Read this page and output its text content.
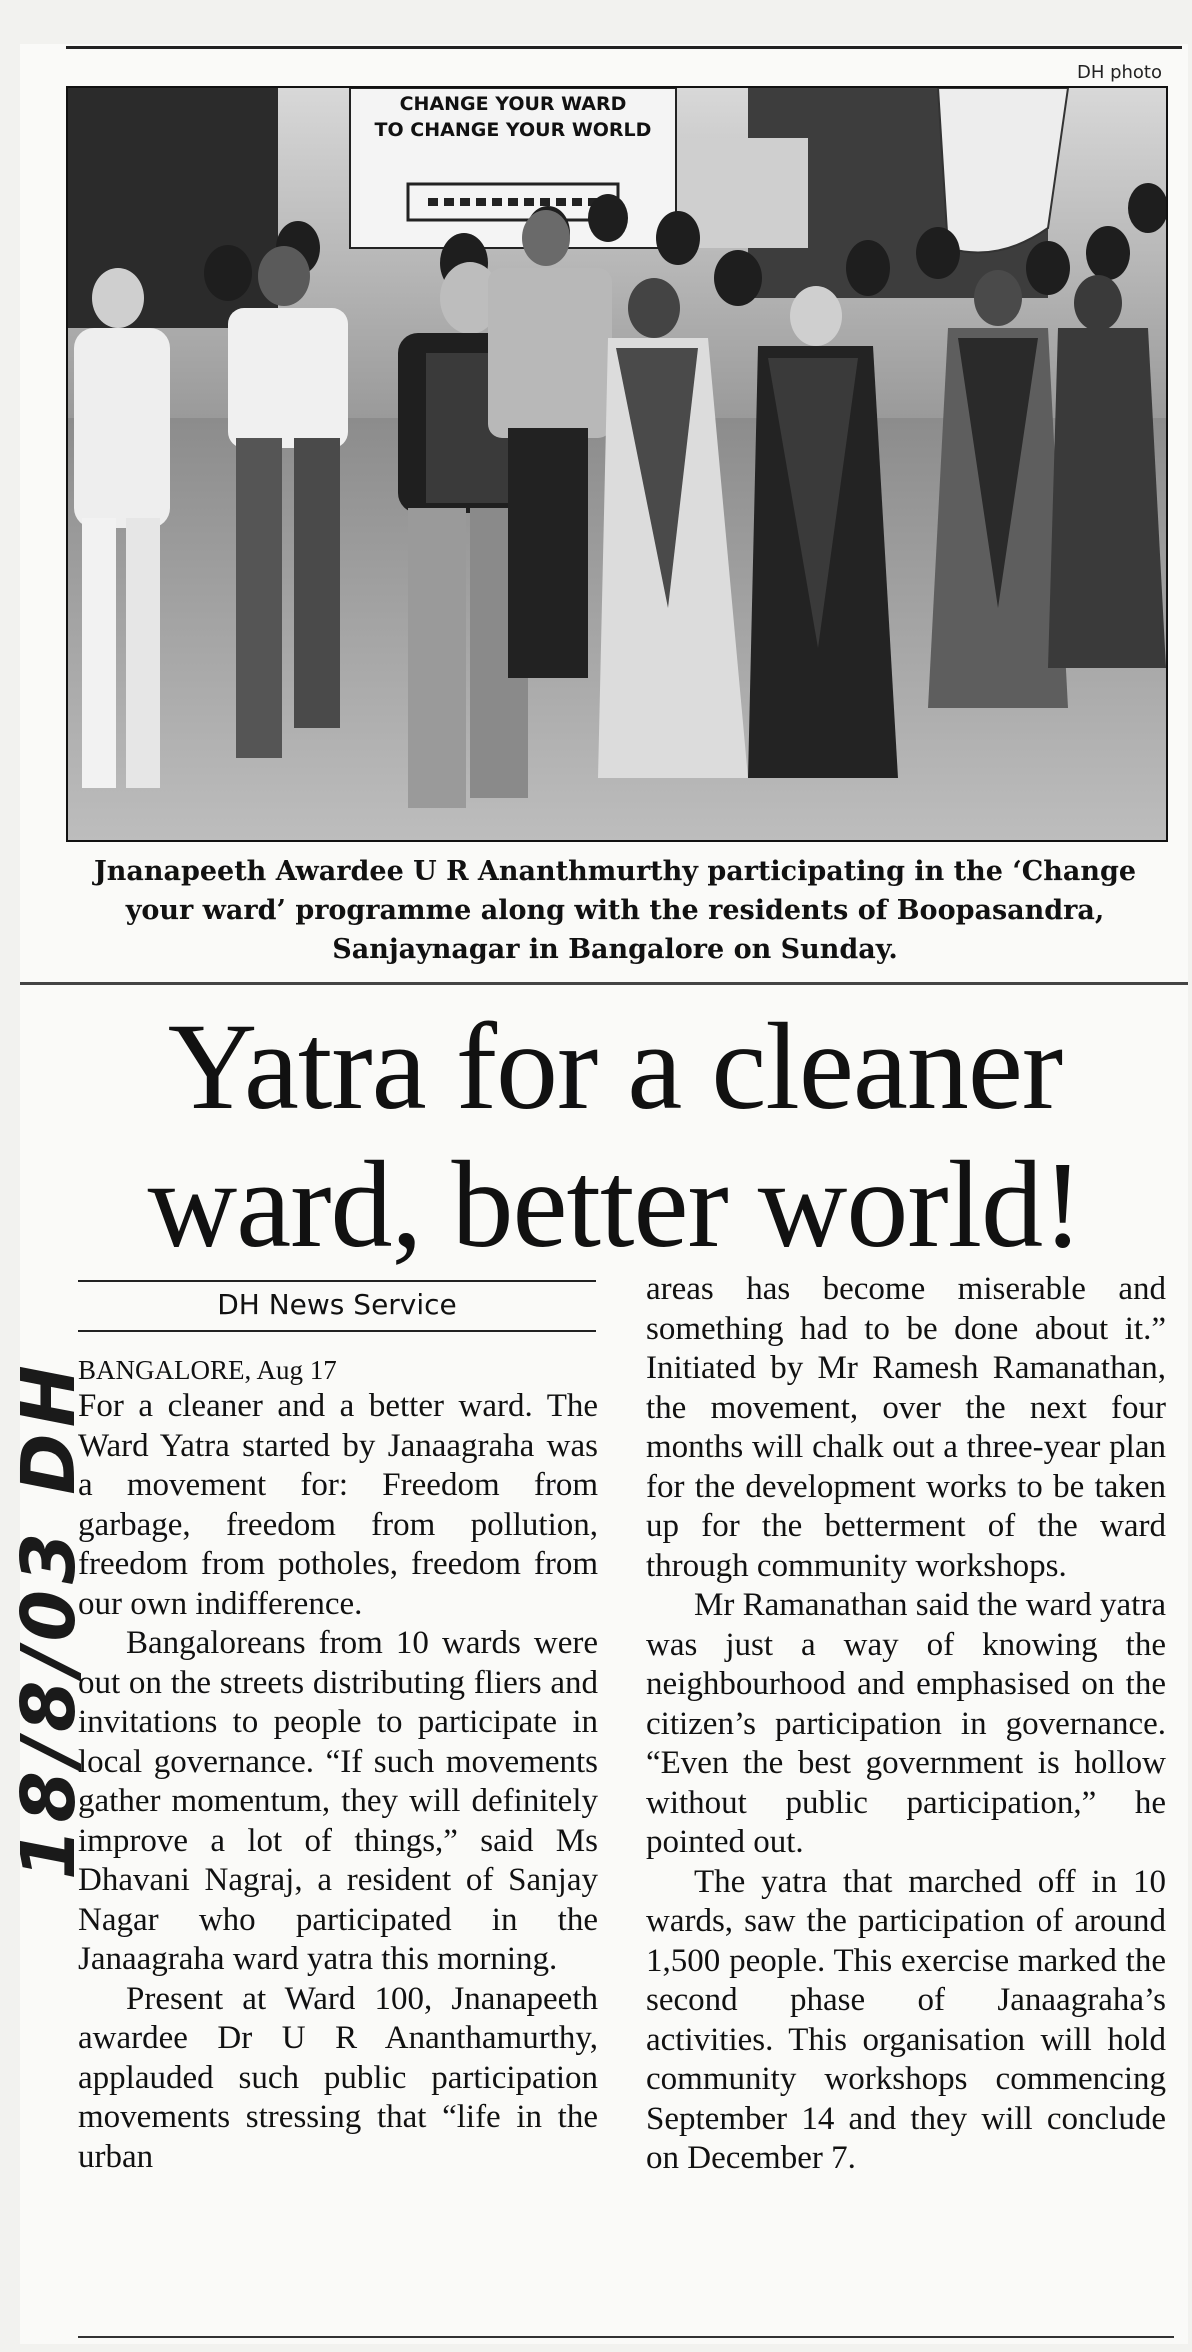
DH photo
CHANGE YOUR WARD
TO CHANGE YOUR WORLD
Jnanapeeth Awardee U R Ananthmurthy participating in the ‘Change your ward’ programme along with the residents of Boopasandra, Sanjaynagar in Bangalore on Sunday.
Yatra for a cleaner
ward, better world!
DH News Service
18/8/03 DH

BANGALORE, Aug 17

For a cleaner and a better ward. The Ward Yatra started by Janaagraha was a movement for: Freedom from garbage, freedom from pollution, freedom from potholes, freedom from our own indifference.

Bangaloreans from 10 wards were out on the streets distributing fliers and invitations to people to participate in local governance. “If such movements gather momentum, they will definitely improve a lot of things,” said Ms Dhavani Nagraj, a resident of Sanjay Nagar who participated in the Janaagraha ward yatra this morning.

Present at Ward 100, Jnanapeeth awardee Dr U R Ananthamurthy, applauded such public participation movements stressing that “life in the urban

areas has become miserable and something had to be done about it.” Initiated by Mr Ramesh Ramanathan, the movement, over the next four months will chalk out a three-year plan for the development works to be taken up for the betterment of the ward through community workshops.

Mr Ramanathan said the ward yatra was just a way of knowing the neighbourhood and emphasised on the citizen’s participation in governance. “Even the best government is hollow without public participation,” he pointed out.

The yatra that marched off in 10 wards, saw the participation of around 1,500 people. This exercise marked the second phase of Janaagraha’s activities. This organisation will hold community workshops commencing September 14 and they will conclude on December 7.
